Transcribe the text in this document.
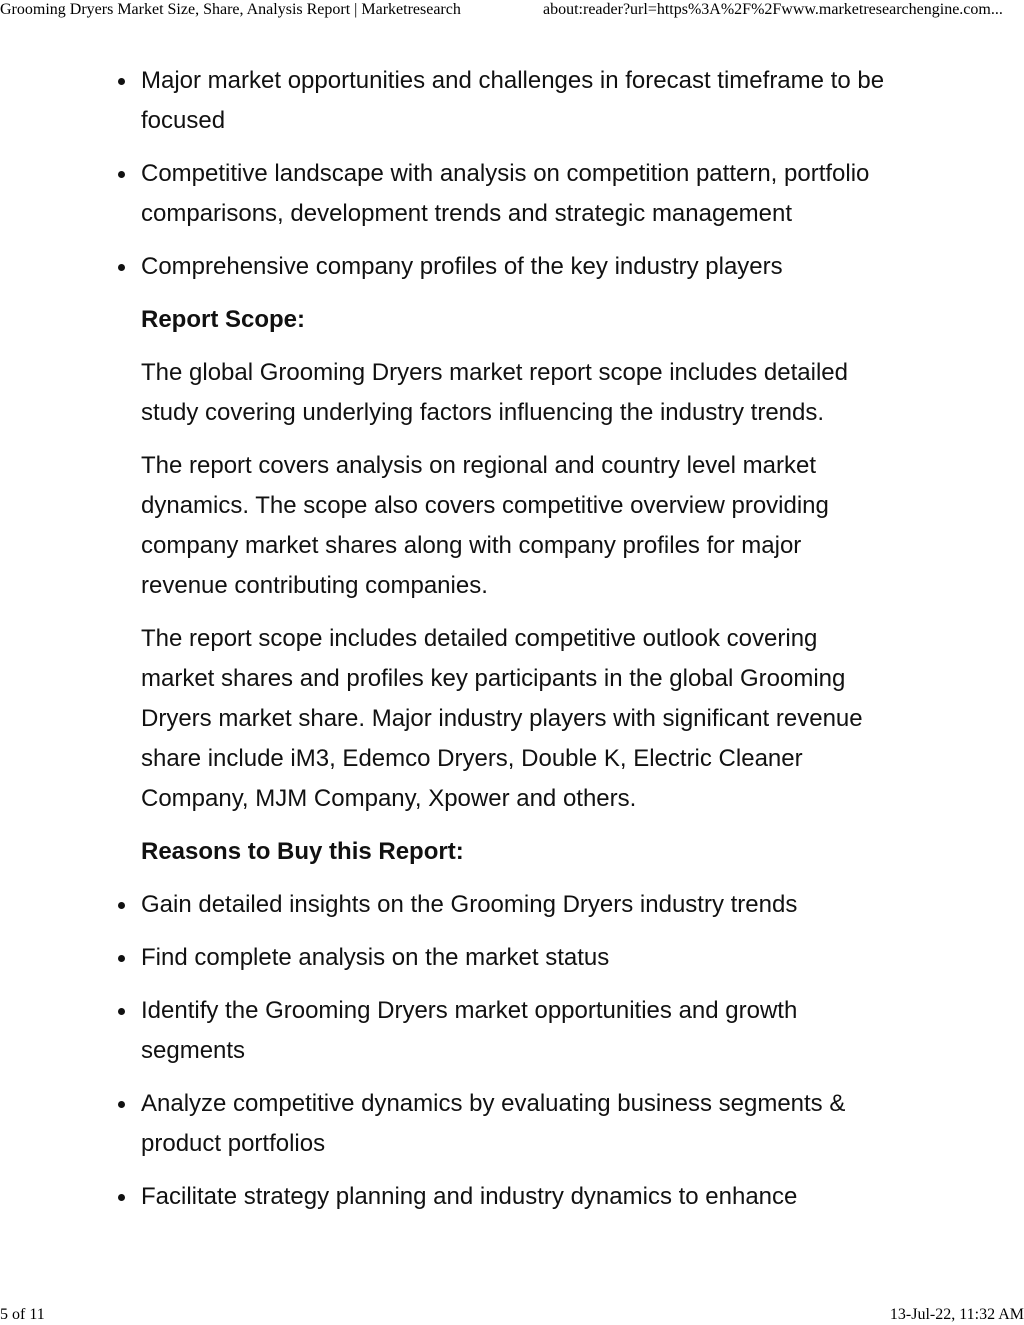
Grooming Dryers Market Size, Share, Analysis Report | Marketresearch	about:reader?url=https%3A%2F%2Fwww.marketresearchengine.com...
Major market opportunities and challenges in forecast timeframe to be focused
Competitive landscape with analysis on competition pattern, portfolio comparisons, development trends and strategic management
Comprehensive company profiles of the key industry players
Report Scope:

The global Grooming Dryers market report scope includes detailed study covering underlying factors influencing the industry trends.

The report covers analysis on regional and country level market dynamics. The scope also covers competitive overview providing company market shares along with company profiles for major revenue contributing companies.

The report scope includes detailed competitive outlook covering market shares and profiles key participants in the global Grooming Dryers market share. Major industry players with significant revenue share include iM3, Edemco Dryers, Double K, Electric Cleaner Company, MJM Company, Xpower and others.

Reasons to Buy this Report:
Gain detailed insights on the Grooming Dryers industry trends
Find complete analysis on the market status
Identify the Grooming Dryers market opportunities and growth segments
Analyze competitive dynamics by evaluating business segments & product portfolios
Facilitate strategy planning and industry dynamics to enhance
5 of 11	13-Jul-22, 11:32 AM
